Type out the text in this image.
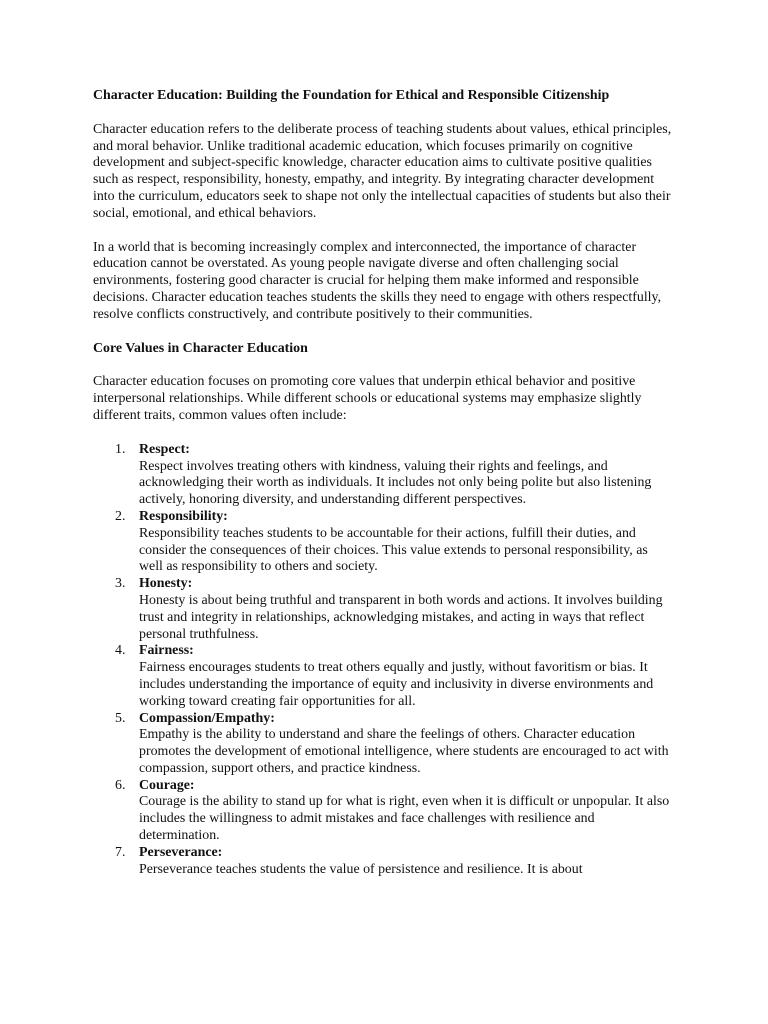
Character Education: Building the Foundation for Ethical and Responsible Citizenship

Character education refers to the deliberate process of teaching students about values, ethical principles, and moral behavior. Unlike traditional academic education, which focuses primarily on cognitive development and subject-specific knowledge, character education aims to cultivate positive qualities such as respect, responsibility, honesty, empathy, and integrity. By integrating character development into the curriculum, educators seek to shape not only the intellectual capacities of students but also their social, emotional, and ethical behaviors.

In a world that is becoming increasingly complex and interconnected, the importance of character education cannot be overstated. As young people navigate diverse and often challenging social environments, fostering good character is crucial for helping them make informed and responsible decisions. Character education teaches students the skills they need to engage with others respectfully, resolve conflicts constructively, and contribute positively to their communities.

Core Values in Character Education

Character education focuses on promoting core values that underpin ethical behavior and positive interpersonal relationships. While different schools or educational systems may emphasize slightly different traits, common values often include:

1. Respect:
Respect involves treating others with kindness, valuing their rights and feelings, and acknowledging their worth as individuals. It includes not only being polite but also listening actively, honoring diversity, and understanding different perspectives.
2. Responsibility:
Responsibility teaches students to be accountable for their actions, fulfill their duties, and consider the consequences of their choices. This value extends to personal responsibility, as well as responsibility to others and society.
3. Honesty:
Honesty is about being truthful and transparent in both words and actions. It involves building trust and integrity in relationships, acknowledging mistakes, and acting in ways that reflect personal truthfulness.
4. Fairness:
Fairness encourages students to treat others equally and justly, without favoritism or bias. It includes understanding the importance of equity and inclusivity in diverse environments and working toward creating fair opportunities for all.
5. Compassion/Empathy:
Empathy is the ability to understand and share the feelings of others. Character education promotes the development of emotional intelligence, where students are encouraged to act with compassion, support others, and practice kindness.
6. Courage:
Courage is the ability to stand up for what is right, even when it is difficult or unpopular. It also includes the willingness to admit mistakes and face challenges with resilience and determination.
7. Perseverance:
Perseverance teaches students the value of persistence and resilience. It is about
